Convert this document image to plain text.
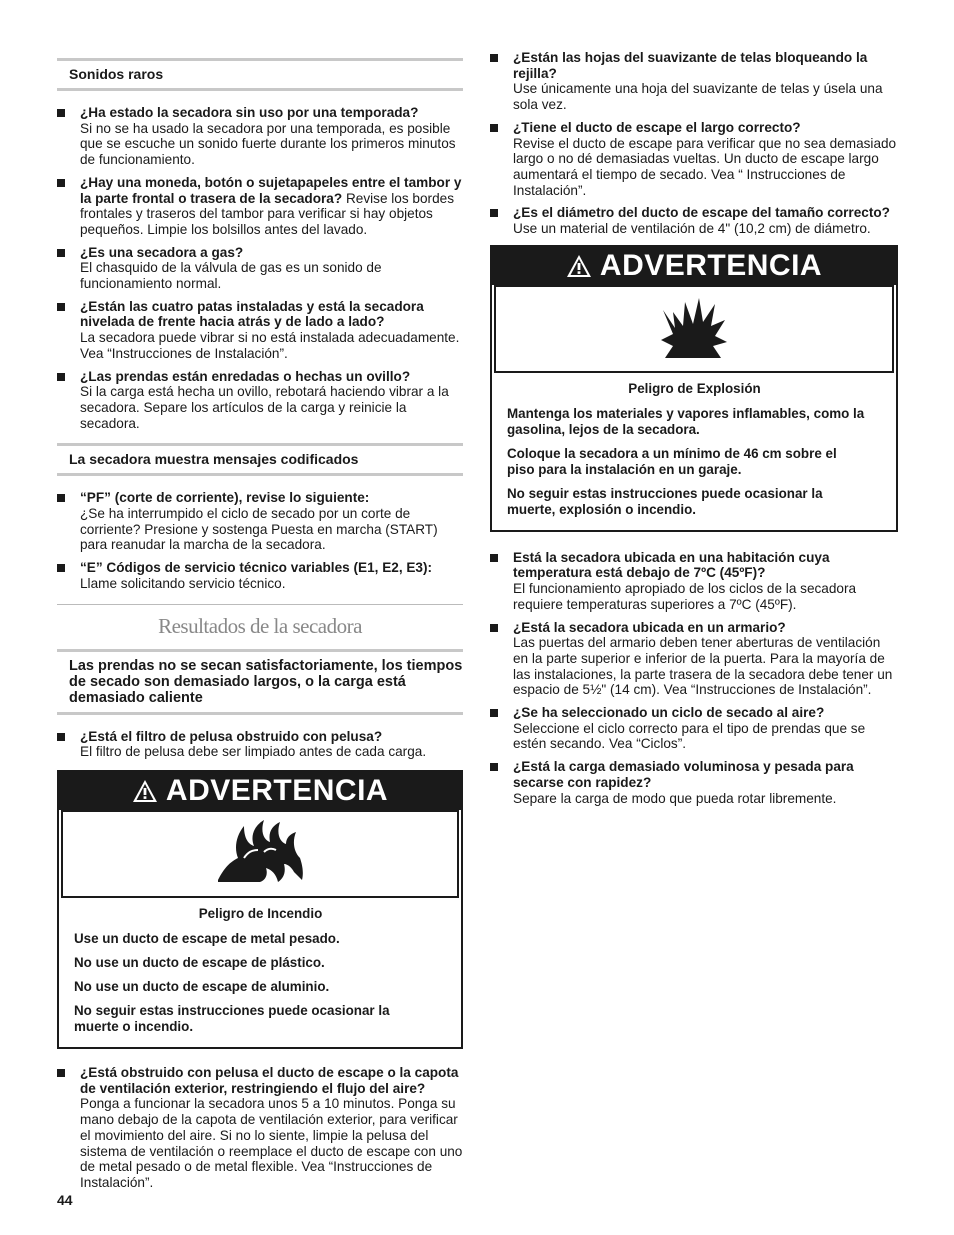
Sonidos raros
¿Ha estado la secadora sin uso por una temporada?
Si no se ha usado la secadora por una temporada, es posible que se escuche un sonido fuerte durante los primeros minutos de funcionamiento.
¿Hay una moneda, botón o sujetapapeles entre el tambor y la parte frontal o trasera de la secadora? Revise los bordes frontales y traseros del tambor para verificar si hay objetos pequeños. Limpie los bolsillos antes del lavado.
¿Es una secadora a gas?
El chasquido de la válvula de gas es un sonido de funcionamiento normal.
¿Están las cuatro patas instaladas y está la secadora nivelada de frente hacia atrás y de lado a lado?
La secadora puede vibrar si no está instalada adecuadamente. Vea “Instrucciones de Instalación”.
¿Las prendas están enredadas o hechas un ovillo?
Si la carga está hecha un ovillo, rebotará haciendo vibrar a la secadora. Separe los artículos de la carga y reinicie la secadora.
La secadora muestra mensajes codificados
“PF” (corte de corriente), revise lo siguiente:
¿Se ha interrumpido el ciclo de secado por un corte de corriente? Presione y sostenga Puesta en marcha (START) para reanudar la marcha de la secadora.
“E” Códigos de servicio técnico variables (E1, E2, E3):
Llame solicitando servicio técnico.
Resultados de la secadora
Las prendas no se secan satisfactoriamente, los tiempos de secado son demasiado largos, o la carga está demasiado caliente
¿Está el filtro de pelusa obstruido con pelusa?
El filtro de pelusa debe ser limpiado antes de cada carga.
ADVERTENCIA
Peligro de Incendio

Use un ducto de escape de metal pesado.

No use un ducto de escape de plástico.

No use un ducto de escape de aluminio.

No seguir estas instrucciones puede ocasionar la muerte o incendio.

¿Está obstruido con pelusa el ducto de escape o la capota de ventilación exterior, restringiendo el flujo del aire? Ponga a funcionar la secadora unos 5 a 10 minutos. Ponga su mano debajo de la capota de ventilación exterior, para verificar el movimiento del aire. Si no lo siente, limpie la pelusa del sistema de ventilación o reemplace el ducto de escape con uno de metal pesado o de metal flexible. Vea “Instrucciones de Instalación”.
¿Están las hojas del suavizante de telas bloqueando la rejilla?
Use únicamente una hoja del suavizante de telas y úsela una sola vez.
¿Tiene el ducto de escape el largo correcto?
Revise el ducto de escape para verificar que no sea demasiado largo o no dé demasiadas vueltas. Un ducto de escape largo aumentará el tiempo de secado. Vea “ Instrucciones de Instalación”.
¿Es el diámetro del ducto de escape del tamaño correcto?
Use un material de ventilación de 4" (10,2 cm) de diámetro.
ADVERTENCIA
Peligro de Explosión

Mantenga los materiales y vapores inflamables, como la gasolina, lejos de la secadora.

Coloque la secadora a un mínimo de 46 cm sobre el piso para la instalación en un garaje.

No seguir estas instrucciones puede ocasionar la muerte, explosión o incendio.

Está la secadora ubicada en una habitación cuya temperatura está debajo de 7ºC (45ºF)?
El funcionamiento apropiado de los ciclos de la secadora requiere temperaturas superiores a 7ºC (45ºF).
¿Está la secadora ubicada en un armario?
Las puertas del armario deben tener aberturas de ventilación en la parte superior e inferior de la puerta. Para la mayoría de las instalaciones, la parte trasera de la secadora debe tener un espacio de 5½" (14 cm). Vea “Instrucciones de Instalación”.
¿Se ha seleccionado un ciclo de secado al aire?
Seleccione el ciclo correcto para el tipo de prendas que se estén secando. Vea “Ciclos”.
¿Está la carga demasiado voluminosa y pesada para secarse con rapidez?
Separe la carga de modo que pueda rotar libremente.
44
